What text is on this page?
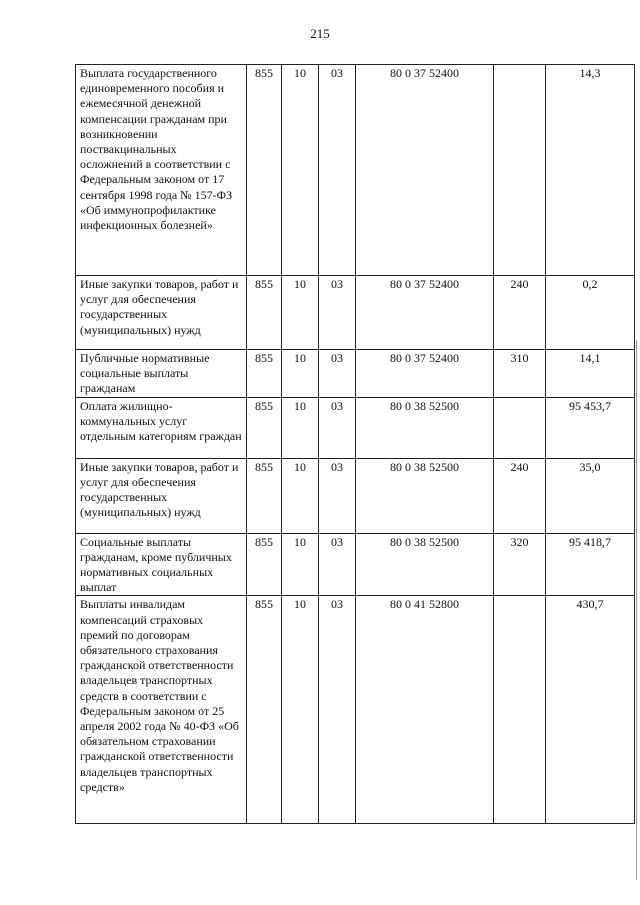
215
Выплата государственного единовременного пособия и ежемесячной денежной компенсации гражданам при возникновении поствакцинальных осложнений в соответствии с Федеральным законом от 17 сентября 1998 года № 157-ФЗ «Об иммунопрофилактике инфекционных болезней»	855	10	03	80 0 37 52400		14,3
Иные закупки товаров, работ и услуг для обеспечения государственных (муниципальных) нужд	855	10	03	80 0 37 52400	240	0,2
Публичные нормативные социальные выплаты гражданам	855	10	03	80 0 37 52400	310	14,1
Оплата жилищно-коммунальных услуг отдельным категориям граждан	855	10	03	80 0 38 52500		95 453,7
Иные закупки товаров, работ и услуг для обеспечения государственных (муниципальных) нужд	855	10	03	80 0 38 52500	240	35,0
Социальные выплаты гражданам, кроме публичных нормативных социальных выплат	855	10	03	80 0 38 52500	320	95 418,7
Выплаты инвалидам компенсаций страховых премий по договорам обязательного страхования гражданской ответственности владельцев транспортных средств в соответствии с Федеральным законом от 25 апреля 2002 года № 40-ФЗ «Об обязательном страховании гражданской ответственности владельцев транспортных средств»	855	10	03	80 0 41 52800		430,7
